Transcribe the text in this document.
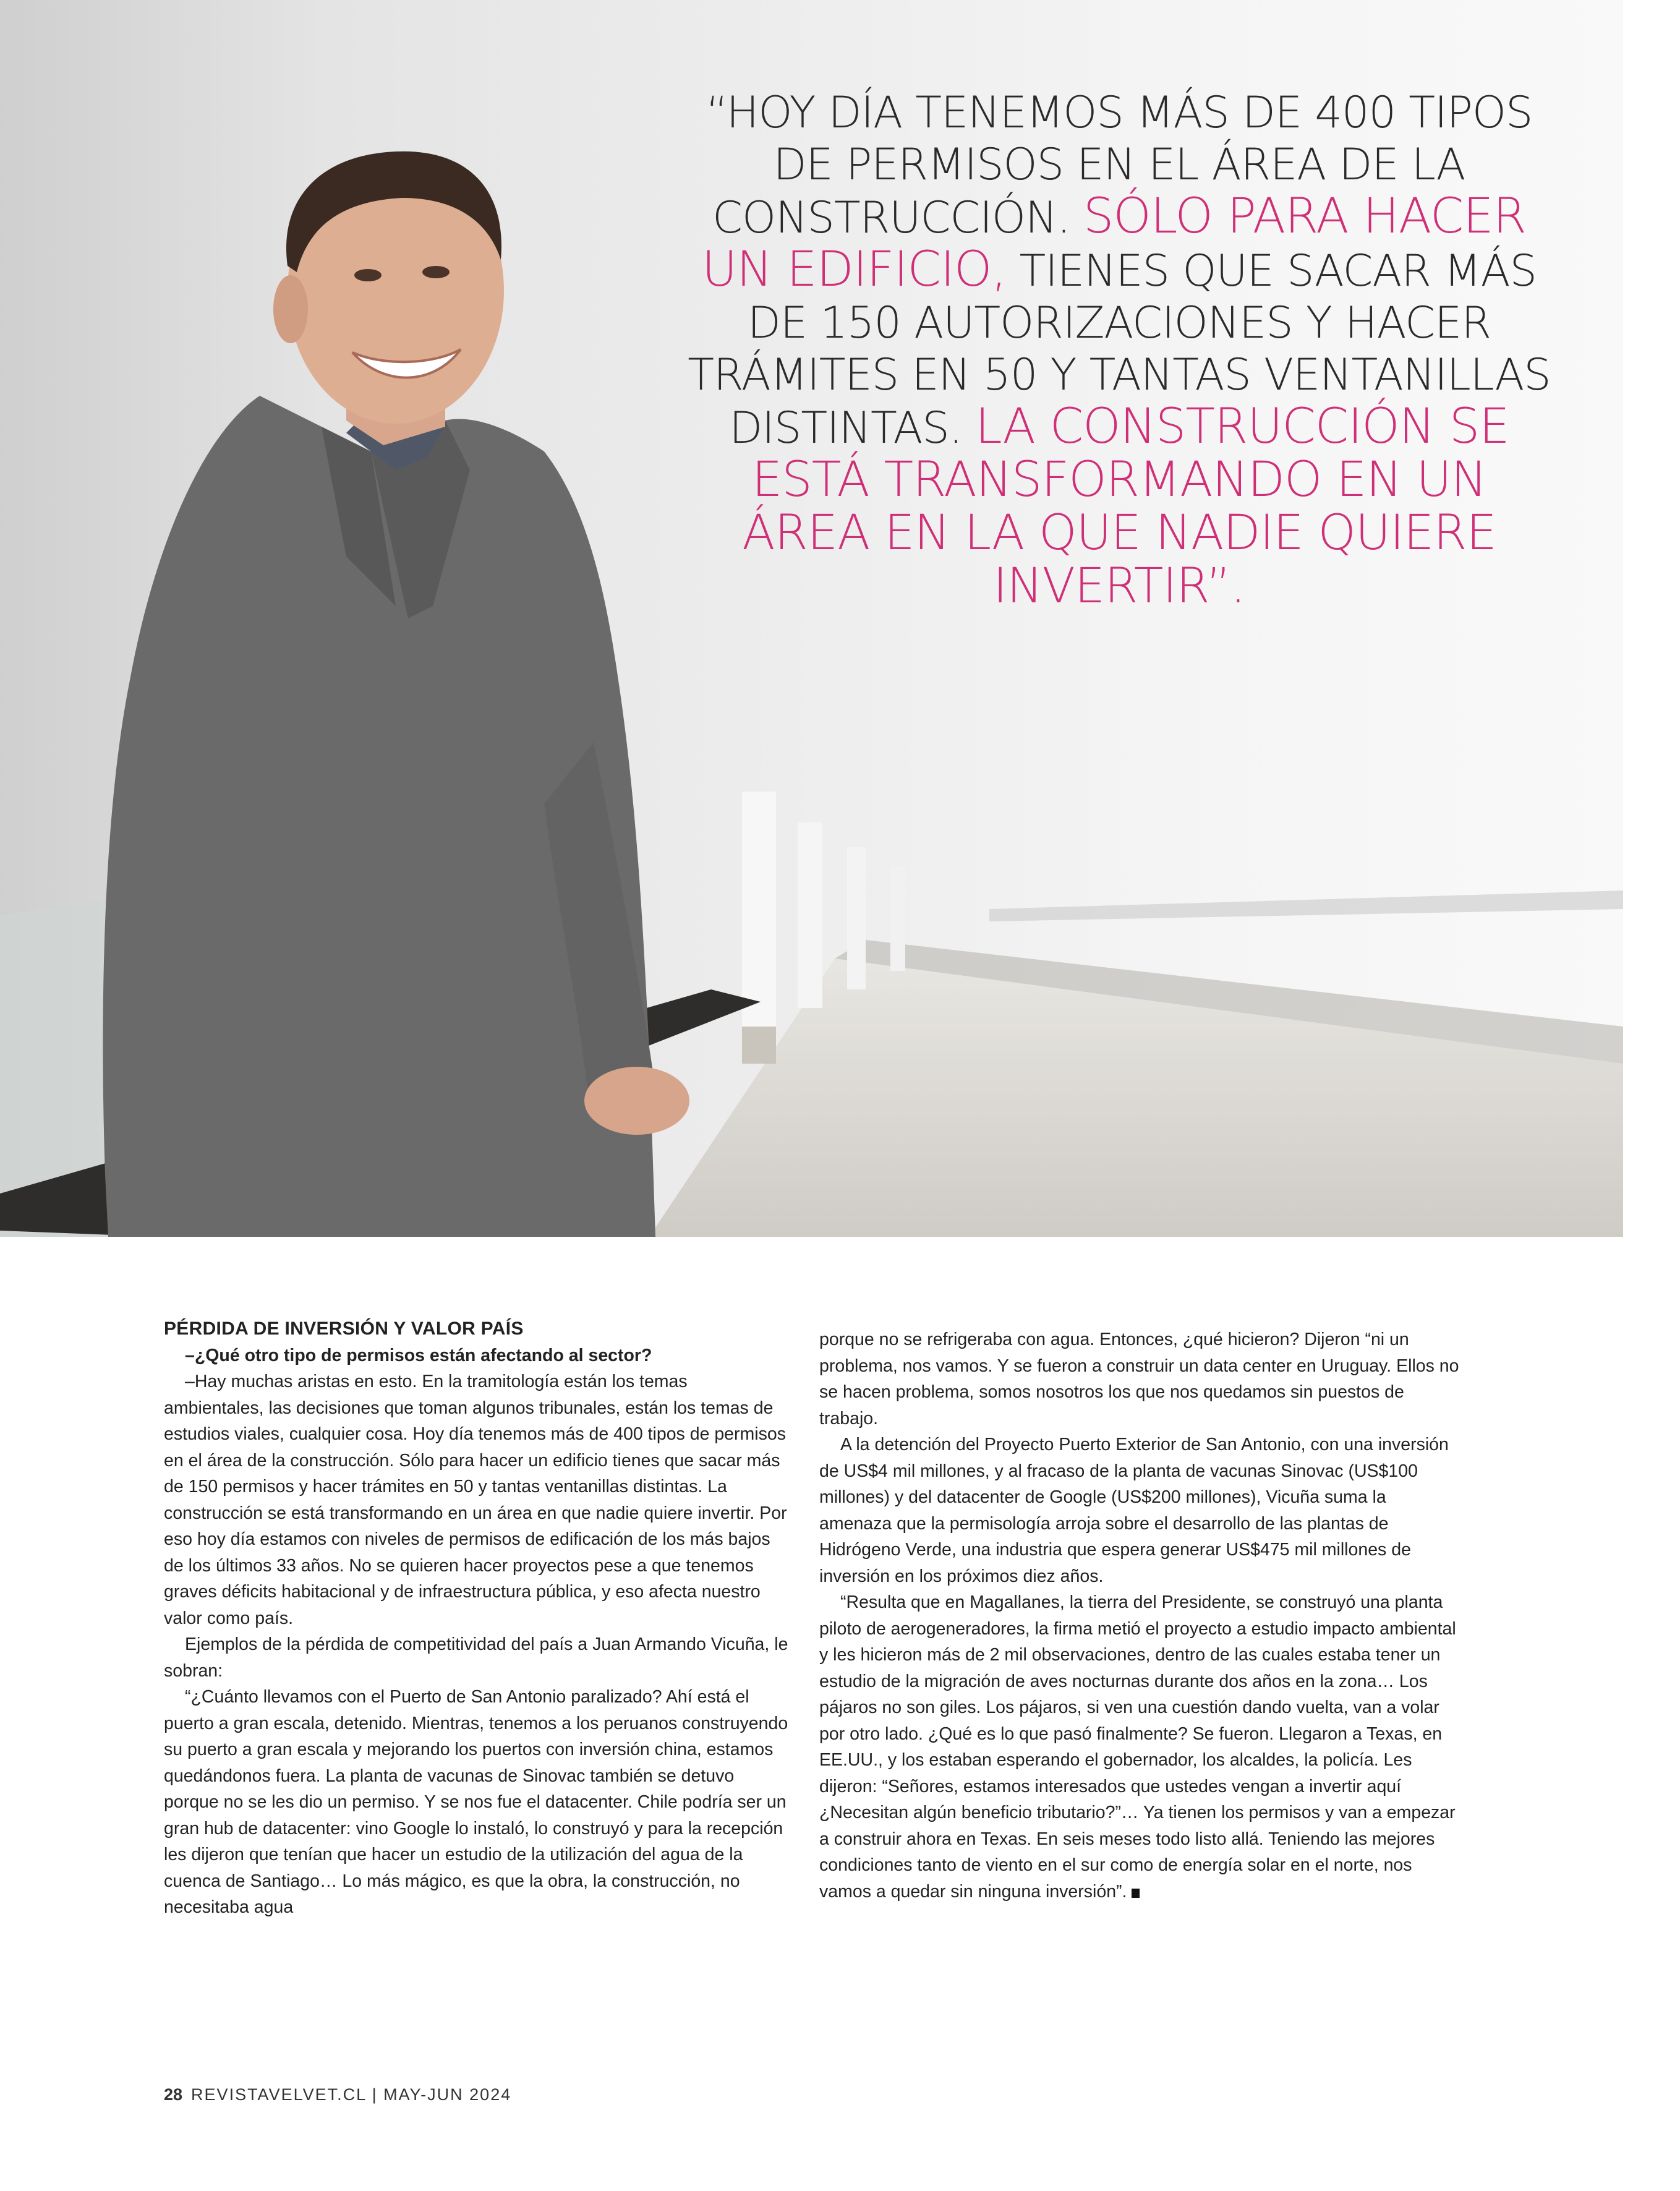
“HOY DÍA TENEMOS MÁS DE 400 TIPOS DE PERMISOS EN EL ÁREA DE LA CONSTRUCCIÓN. SÓLO PARA HACER UN EDIFICIO, TIENES QUE SACAR MÁS DE 150 AUTORIZACIONES Y HACER TRÁMITES EN 50 Y TANTAS VENTANILLAS DISTINTAS. LA CONSTRUCCIÓN SE ESTÁ TRANSFORMANDO EN UN ÁREA EN LA QUE NADIE QUIERE INVERTIR”.

PÉRDIDA DE INVERSIÓN Y VALOR PAÍS

–¿Qué otro tipo de permisos están afectando al sector?

–Hay muchas aristas en esto. En la tramitología están los temas ambientales, las decisiones que toman algunos tribunales, están los temas de estudios viales, cualquier cosa. Hoy día tenemos más de 400 tipos de permisos en el área de la construcción. Sólo para hacer un edificio tienes que sacar más de 150 permisos y hacer trámites en 50 y tantas ventanillas distintas. La construcción se está transformando en un área en que nadie quiere invertir. Por eso hoy día estamos con niveles de permisos de edificación de los más bajos de los últimos 33 años. No se quieren hacer proyectos pese a que tenemos graves déficits habitacional y de infraestructura pública, y eso afecta nuestro valor como país.

Ejemplos de la pérdida de competitividad del país a Juan Armando Vicuña, le sobran:

“¿Cuánto llevamos con el Puerto de San Antonio paralizado? Ahí está el puerto a gran escala, detenido. Mientras, tenemos a los peruanos construyendo su puerto a gran escala y mejorando los puertos con inversión china, estamos quedándonos fuera. La planta de vacunas de Sinovac también se detuvo porque no se les dio un permiso. Y se nos fue el datacenter. Chile podría ser un gran hub de datacenter: vino Google lo instaló, lo construyó y para la recepción les dijeron que tenían que hacer un estudio de la utilización del agua de la cuenca de Santiago… Lo más mágico, es que la obra, la construcción, no necesitaba agua

porque no se refrigeraba con agua. Entonces, ¿qué hicieron? Dijeron “ni un problema, nos vamos. Y se fueron a construir un data center en Uruguay. Ellos no se hacen problema, somos nosotros los que nos quedamos sin puestos de trabajo.

A la detención del Proyecto Puerto Exterior de San Antonio, con una inversión de US$4 mil millones, y al fracaso de la planta de vacunas Sinovac (US$100 millones) y del datacenter de Google (US$200 millones), Vicuña suma la amenaza que la permisología arroja sobre el desarrollo de las plantas de Hidrógeno Verde, una industria que espera generar US$475 mil millones de inversión en los próximos diez años.

“Resulta que en Magallanes, la tierra del Presidente, se construyó una planta piloto de aerogeneradores, la firma metió el proyecto a estudio impacto ambiental y les hicieron más de 2 mil observaciones, dentro de las cuales estaba tener un estudio de la migración de aves nocturnas durante dos años en la zona… Los pájaros no son giles. Los pájaros, si ven una cuestión dando vuelta, van a volar por otro lado. ¿Qué es lo que pasó finalmente? Se fueron. Llegaron a Texas, en EE.UU., y los estaban esperando el gobernador, los alcaldes, la policía. Les dijeron: “Señores, estamos interesados que ustedes vengan a invertir aquí ¿Necesitan algún beneficio tributario?”… Ya tienen los permisos y van a empezar a construir ahora en Texas. En seis meses todo listo allá. Teniendo las mejores condiciones tanto de viento en el sur como de energía solar en el norte, nos vamos a quedar sin ninguna inversión”.

28 REVISTAVELVET.CL | MAY-JUN 2024
